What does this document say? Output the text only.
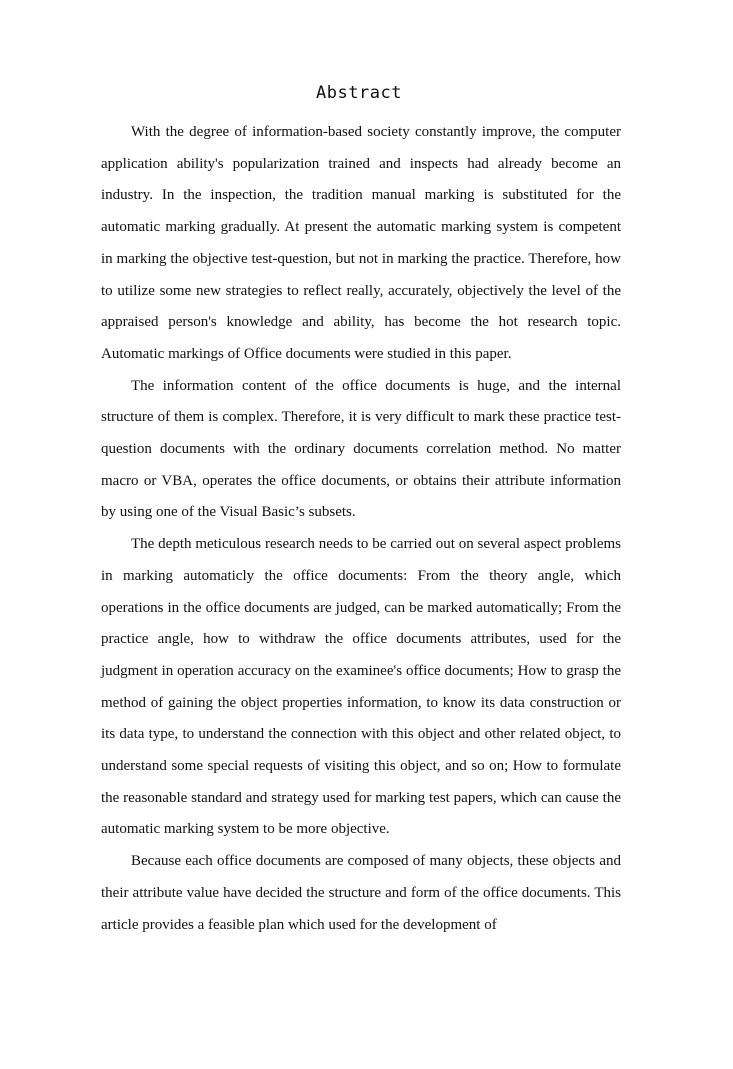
Abstract

With the degree of information-based society constantly improve, the computer application ability's popularization trained and inspects had already become an industry. In the inspection, the tradition manual marking is substituted for the automatic marking gradually. At present the automatic marking system is competent in marking the objective test-question, but not in marking the practice. Therefore, how to utilize some new strategies to reflect really, accurately, objectively the level of the appraised person's knowledge and ability, has become the hot research topic. Automatic markings of Office documents were studied in this paper.

The information content of the office documents is huge, and the internal structure of them is complex. Therefore, it is very difficult to mark these practice test-question documents with the ordinary documents correlation method. No matter macro or VBA, operates the office documents, or obtains their attribute information by using one of the Visual Basic’s subsets.

The depth meticulous research needs to be carried out on several aspect problems in marking automaticly the office documents: From the theory angle, which operations in the office documents are judged, can be marked automatically; From the practice angle, how to withdraw the office documents attributes, used for the judgment in operation accuracy on the examinee's office documents; How to grasp the method of gaining the object properties information, to know its data construction or its data type, to understand the connection with this object and other related object, to understand some special requests of visiting this object, and so on; How to formulate the reasonable standard and strategy used for marking test papers, which can cause the automatic marking system to be more objective.

Because each office documents are composed of many objects, these objects and their attribute value have decided the structure and form of the office documents. This article provides a feasible plan which used for the development of
